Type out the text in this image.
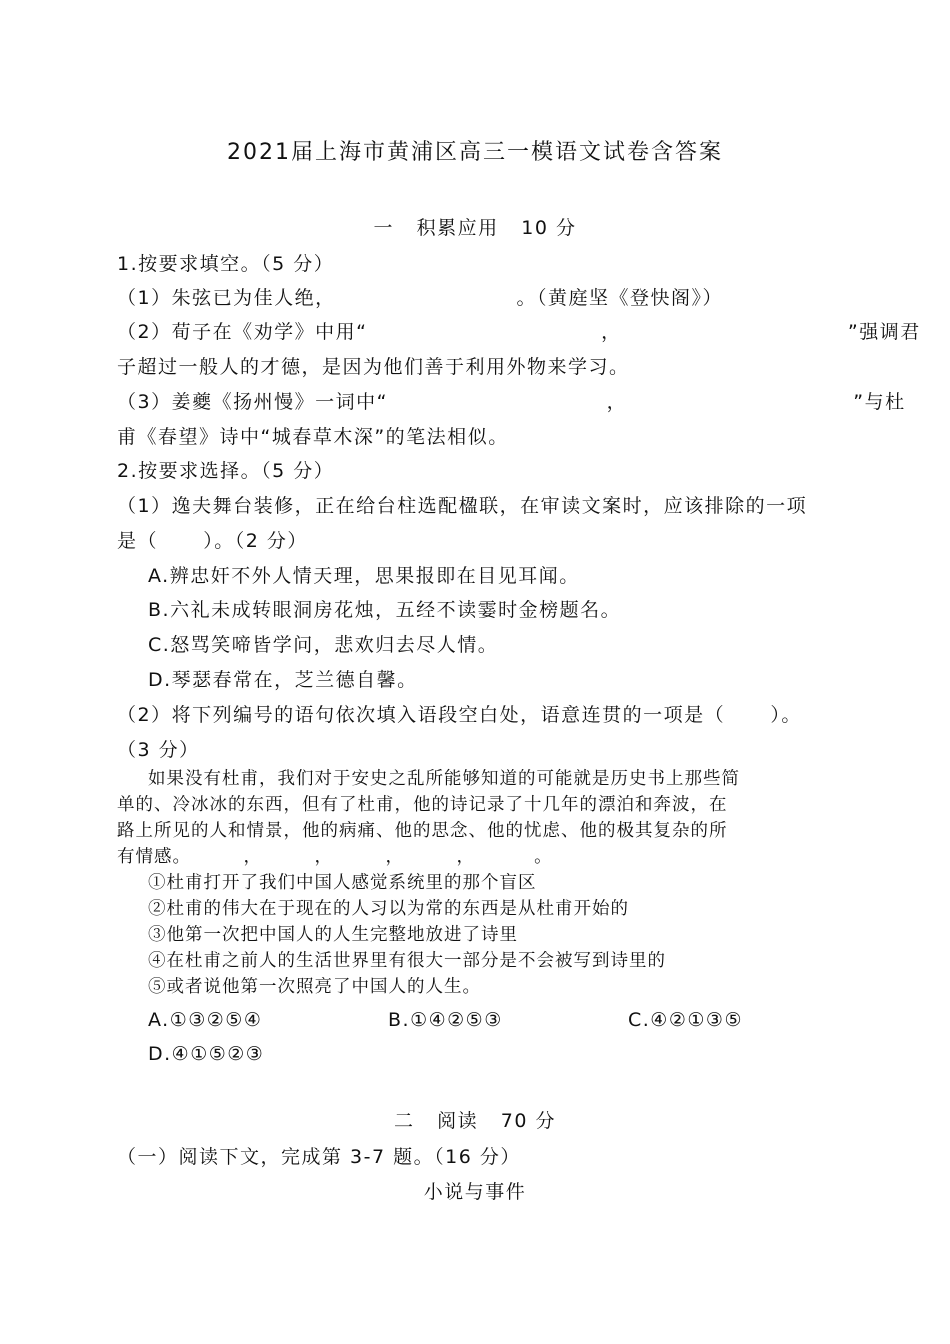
2021届上海市黄浦区高三一模语文试卷含答案
一   积累应用   10 分
1.按要求填空。（5 分）
（1）朱弦已为佳人绝，                        。（黄庭坚《登快阁》）
（2）荀子在《劝学》中用“                               ，                              ”强调君
子超过一般人的才德，是因为他们善于利用外物来学习。
（3）姜夔《扬州慢》一词中“                             ，                              ”与杜
甫《春望》诗中“城春草木深”的笔法相似。
2.按要求选择。（5 分）
（1）逸夫舞台装修，正在给台柱选配楹联，在审读文案时，应该排除的一项
是（      ）。（2 分）
A.辨忠奸不外人情天理，思果报即在目见耳闻。
B.六礼未成转眼洞房花烛，五经不读霎时金榜题名。
C.怒骂笑啼皆学问，悲欢归去尽人情。
D.琴瑟春常在，芝兰德自馨。
（2）将下列编号的语句依次填入语段空白处，语意连贯的一项是（      ）。
（3 分）
如果没有杜甫，我们对于安史之乱所能够知道的可能就是历史书上那些简
单的、冷冰冰的东西，但有了杜甫，他的诗记录了十几年的漂泊和奔波，在
路上所见的人和情景，他的病痛、他的思念、他的忧虑、他的极其复杂的所
有情感。        ，        ，        ，        ，         。
①杜甫打开了我们中国人感觉系统里的那个盲区
②杜甫的伟大在于现在的人习以为常的东西是从杜甫开始的
③他第一次把中国人的人生完整地放进了诗里
④在杜甫之前人的生活世界里有很大一部分是不会被写到诗里的
⑤或者说他第一次照亮了中国人的人生。
A.①③②⑤④	B.①④②⑤③	C.④②①③⑤
D.④①⑤②③
二   阅读   70 分
（一）阅读下文，完成第 3-7 题。（16 分）
小说与事件
